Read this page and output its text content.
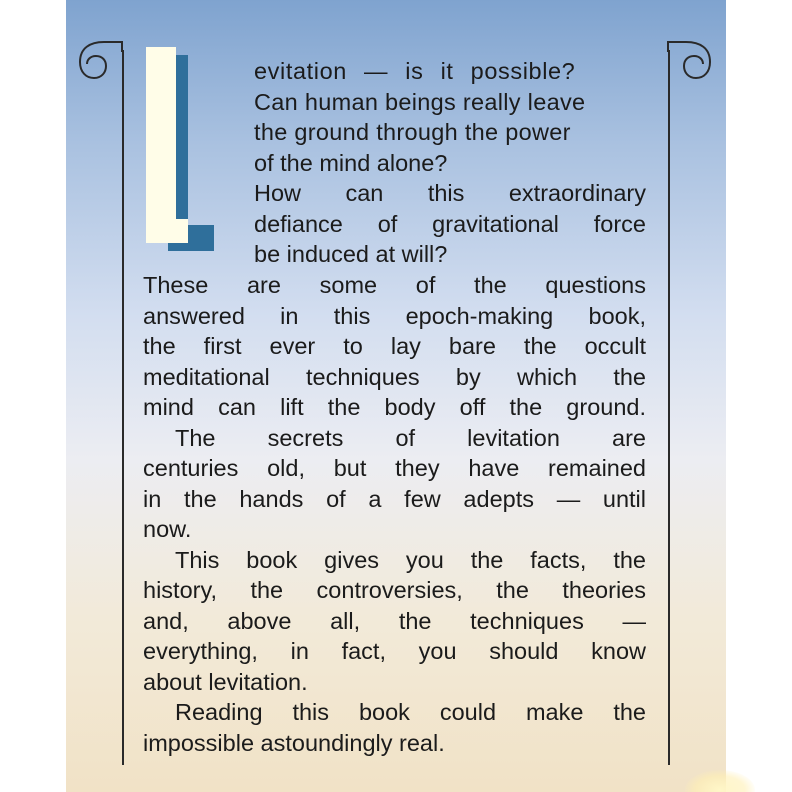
evitation — is it possible?
Can human beings really leave
the ground through the power
of the mind alone?
How can this extraordinary
defiance of gravitational force
be induced at will?
These are some of the questions
answered in this epoch-making book,
the first ever to lay bare the occult
meditational techniques by which the
mind can lift the body off the ground.
The secrets of levitation are
centuries old, but they have remained
in the hands of a few adepts — until
now.
This book gives you the facts, the
history, the controversies, the theories
and, above all, the techniques —
everything, in fact, you should know
about levitation.
Reading this book could make the
impossible astoundingly real.
